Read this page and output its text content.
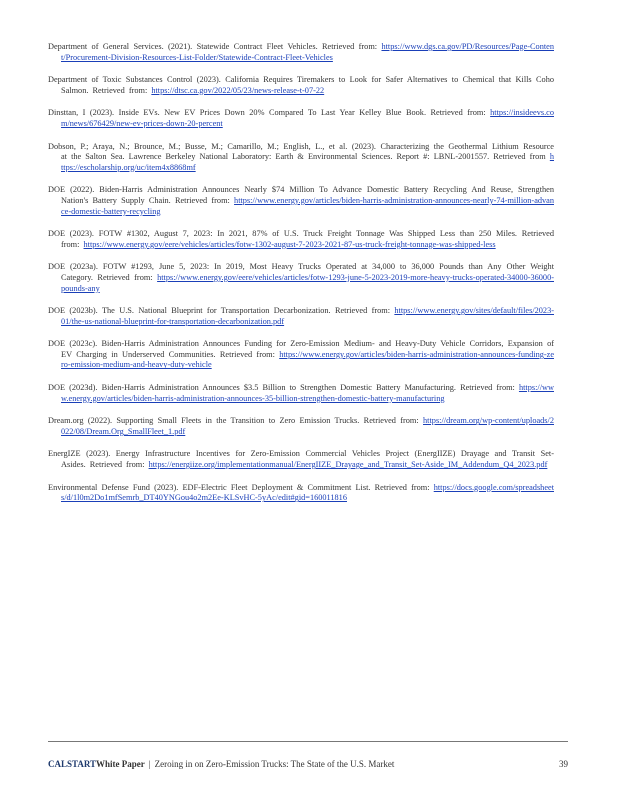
Department of General Services. (2021). Statewide Contract Fleet Vehicles. Retrieved from: https://www.dgs.ca.gov/PD/Resources/Page-Content/Procurement-Division-Resources-List-Folder/Statewide-Contract-Fleet-Vehicles

Department of Toxic Substances Control (2023). California Requires Tiremakers to Look for Safer Alternatives to Chemical that Kills Coho Salmon. Retrieved from: https://dtsc.ca.gov/2022/05/23/news-release-t-07-22

Dinsttan, I (2023). Inside EVs. New EV Prices Down 20% Compared To Last Year Kelley Blue Book. Retrieved from: https://insideevs.com/news/676429/new-ev-prices-down-20-percent

Dobson, P.; Araya, N.; Brounce, M.; Busse, M.; Camarillo, M.; English, L., et al. (2023). Characterizing the Geothermal Lithium Resource at the Salton Sea. Lawrence Berkeley National Laboratory: Earth & Environmental Sciences. Report #: LBNL-2001557. Retrieved from https://escholarship.org/uc/item4x8868mf

DOE (2022). Biden-Harris Administration Announces Nearly $74 Million To Advance Domestic Battery Recycling And Reuse, Strengthen Nation's Battery Supply Chain. Retrieved from: https://www.energy.gov/articles/biden-harris-administration-announces-nearly-74-million-advance-domestic-battery-recycling

DOE (2023). FOTW #1302, August 7, 2023: In 2021, 87% of U.S. Truck Freight Tonnage Was Shipped Less than 250 Miles. Retrieved from: https://www.energy.gov/eere/vehicles/articles/fotw-1302-august-7-2023-2021-87-us-truck-freight-tonnage-was-shipped-less

DOE (2023a). FOTW #1293, June 5, 2023: In 2019, Most Heavy Trucks Operated at 34,000 to 36,000 Pounds than Any Other Weight Category. Retrieved from: https://www.energy.gov/eere/vehicles/articles/fotw-1293-june-5-2023-2019-more-heavy-trucks-operated-34000-36000-pounds-any

DOE (2023b). The U.S. National Blueprint for Transportation Decarbonization. Retrieved from: https://www.energy.gov/sites/default/files/2023-01/the-us-national-blueprint-for-transportation-decarbonization.pdf

DOE (2023c). Biden-Harris Administration Announces Funding for Zero-Emission Medium- and Heavy-Duty Vehicle Corridors, Expansion of EV Charging in Underserved Communities. Retrieved from: https://www.energy.gov/articles/biden-harris-administration-announces-funding-zero-emission-medium-and-heavy-duty-vehicle

DOE (2023d). Biden-Harris Administration Announces $3.5 Billion to Strengthen Domestic Battery Manufacturing. Retrieved from: https://www.energy.gov/articles/biden-harris-administration-announces-35-billion-strengthen-domestic-battery-manufacturing

Dream.org (2022). Supporting Small Fleets in the Transition to Zero Emission Trucks. Retrieved from: https://dream.org/wp-content/uploads/2022/08/Dream.Org_SmallFleet_1.pdf

EnergIZE (2023). Energy Infrastructure Incentives for Zero-Emission Commercial Vehicles Project (EnergIIZE) Drayage and Transit Set-Asides. Retrieved from: https://energiize.org/implementationmanual/EnergIIZE_Drayage_and_Transit_Set-Aside_IM_Addendum_Q4_2023.pdf

Environmental Defense Fund (2023). EDF-Electric Fleet Deployment & Commitment List. Retrieved from: https://docs.google.com/spreadsheets/d/1l0m2Do1mfSemrb_DT40YNGou4o2m2Ee-KLSvHC-5yAc/edit#gid=160011816

CALSTARTWhite Paper | Zeroing in on Zero-Emission Trucks: The State of the U.S. Market	39
